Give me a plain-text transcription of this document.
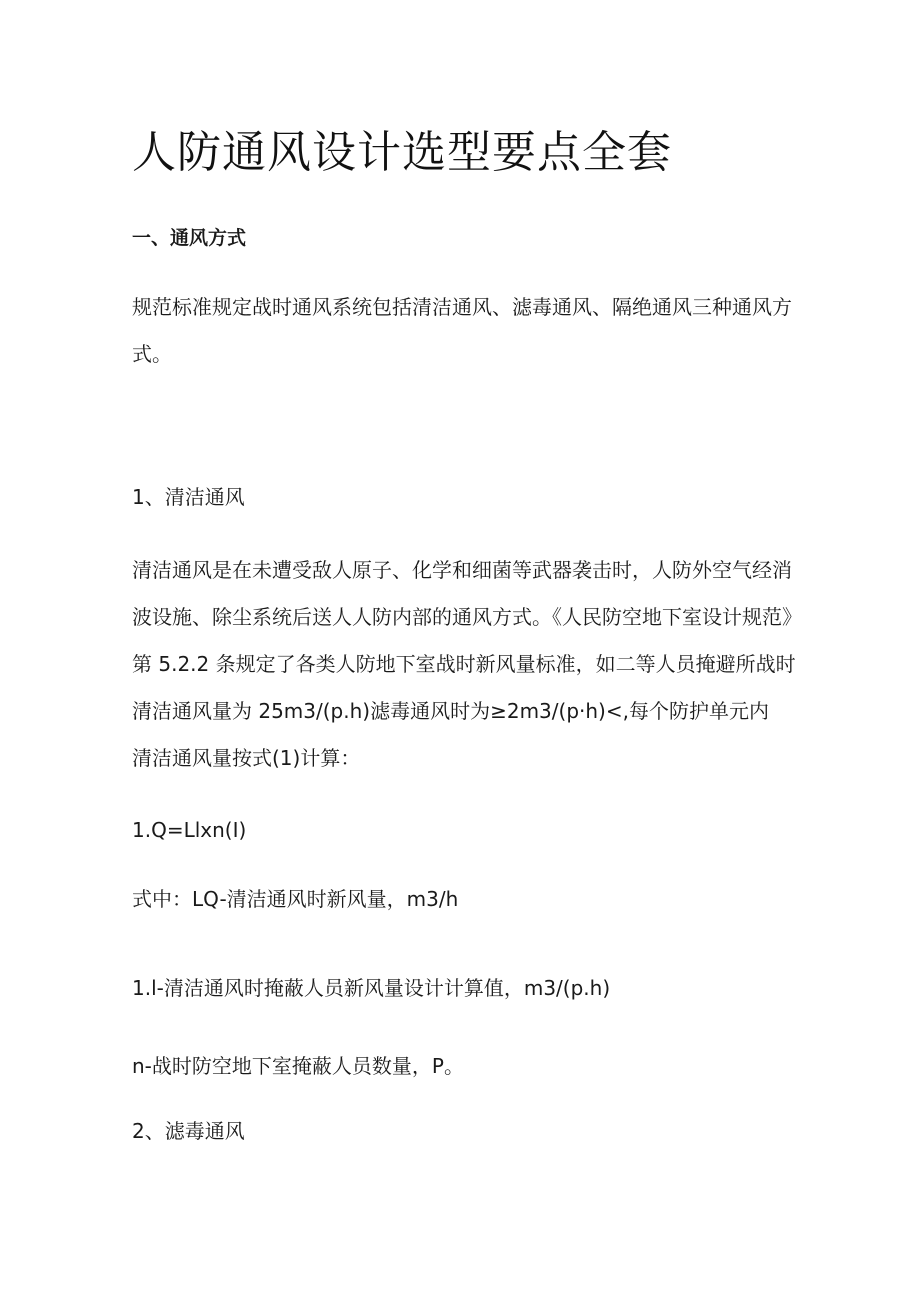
人防通风设计选型要点全套

一、通风方式

规范标准规定战时通风系统包括清洁通风、滤毒通风、隔绝通风三种通风方
式。

1、清洁通风

清洁通风是在未遭受敌人原子、化学和细菌等武器袭击时，人防外空气经消
波设施、除尘系统后送人人防内部的通风方式。《人民防空地下室设计规范》
第 5.2.2 条规定了各类人防地下室战时新风量标准，如二等人员掩避所战时
清洁通风量为 25m3/(p.h)滤毒通风时为≥2m3/(p·h)<,每个防护单元内
清洁通风量按式(1)计算：

1.Q=Llxn(I)

式中：LQ-清洁通风时新风量，m3/h

1.l-清洁通风时掩蔽人员新风量设计计算值，m3/(p.h)

n-战时防空地下室掩蔽人员数量，P。

2、滤毒通风
